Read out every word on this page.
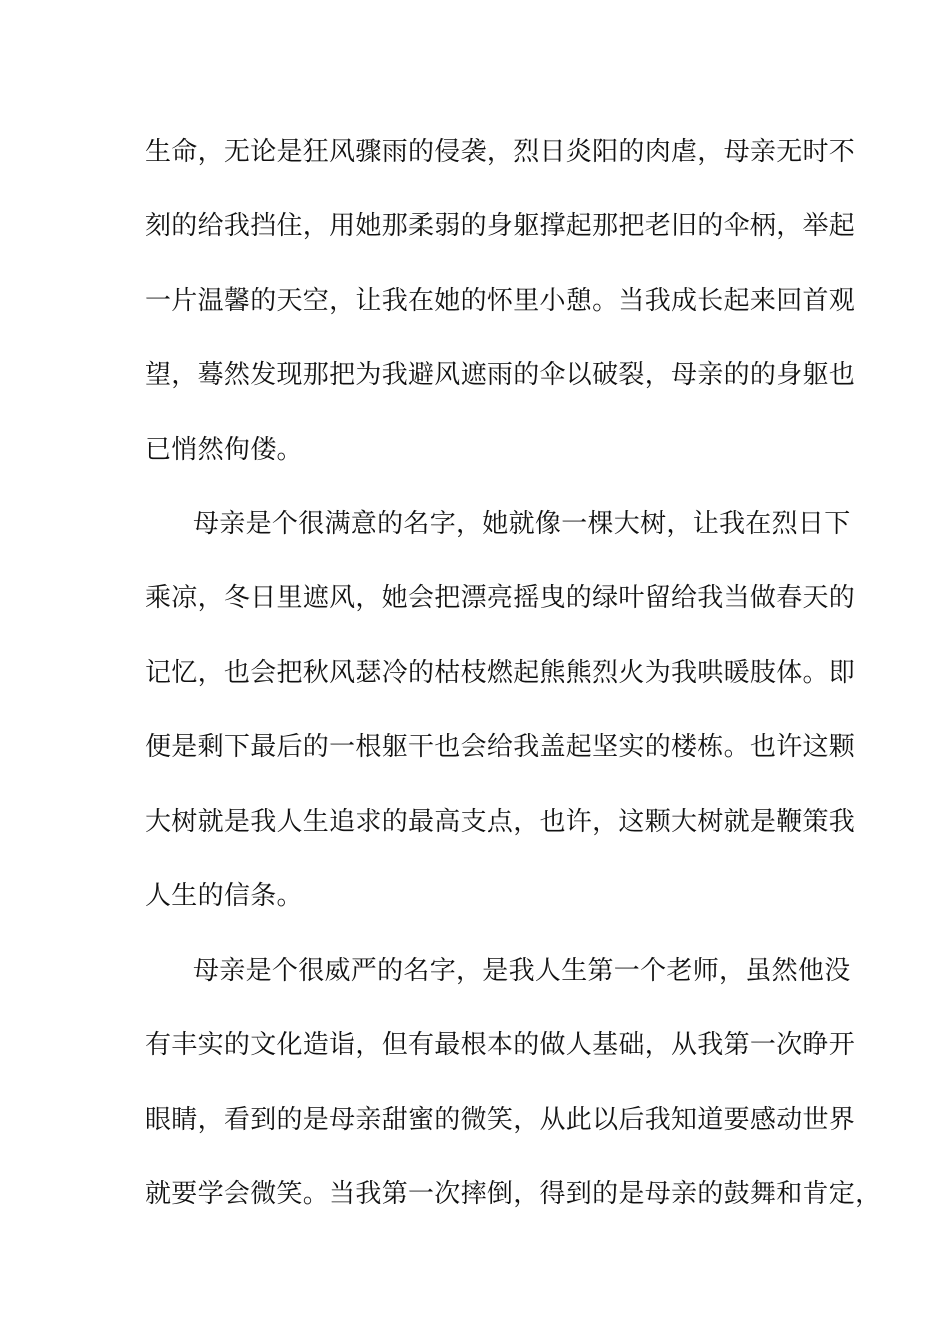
生命，无论是狂风骤雨的侵袭，烈日炎阳的肉虐，母亲无时不
刻的给我挡住，用她那柔弱的身躯撑起那把老旧的伞柄，举起
一片温馨的天空，让我在她的怀里小憩。当我成长起来回首观
望，蓦然发现那把为我避风遮雨的伞以破裂，母亲的的身躯也
已悄然佝偻。
母亲是个很满意的名字，她就像一棵大树，让我在烈日下
乘凉，冬日里遮风，她会把漂亮摇曳的绿叶留给我当做春天的
记忆，也会把秋风瑟冷的枯枝燃起熊熊烈火为我哄暖肢体。即
便是剩下最后的一根躯干也会给我盖起坚实的楼栋。也许这颗
大树就是我人生追求的最高支点，也许，这颗大树就是鞭策我
人生的信条。
母亲是个很威严的名字，是我人生第一个老师，虽然他没
有丰实的文化造诣，但有最根本的做人基础，从我第一次睁开
眼睛，看到的是母亲甜蜜的微笑，从此以后我知道要感动世界
就要学会微笑。当我第一次摔倒，得到的是母亲的鼓舞和肯定，
